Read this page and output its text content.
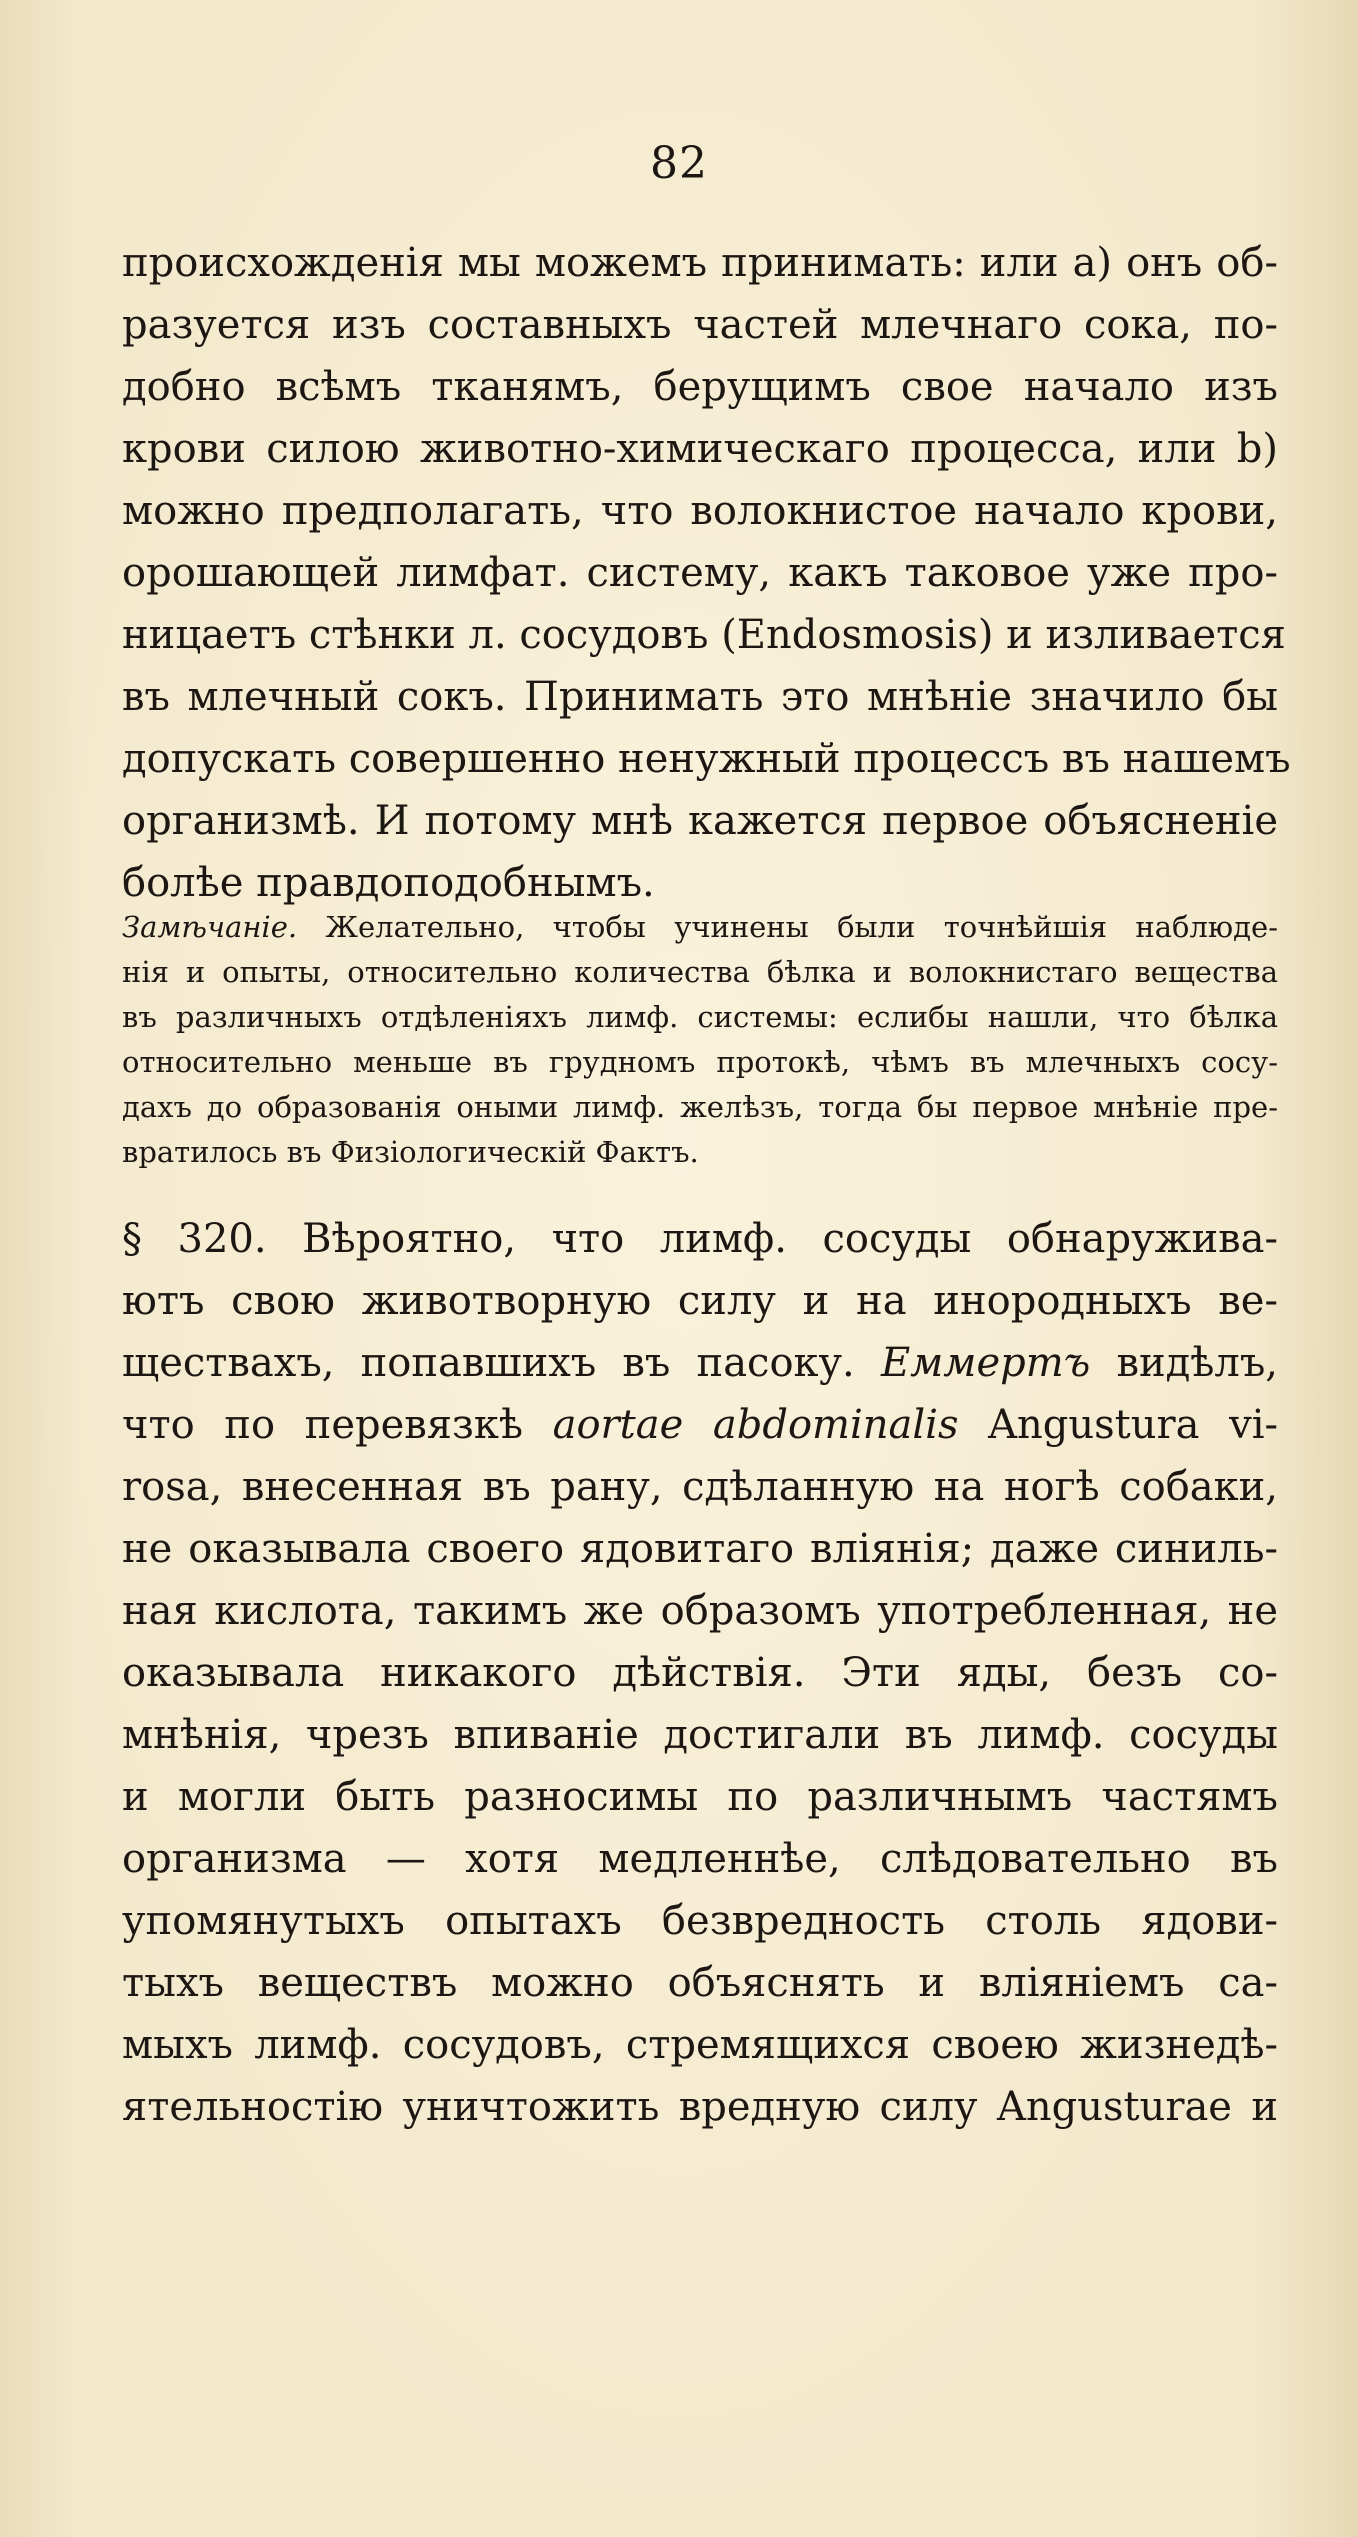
82
происхожденія мы можемъ принимать: или а) онъ об-
разуется изъ составныхъ частей млечнаго сока, по-
добно всѣмъ тканямъ, берущимъ свое начало изъ
крови силою животно-химическаго процесса, или b)
можно предполагать, что волокнистое начало крови,
орошающей лимфат. систему, какъ таковое уже про-
ницаетъ стѣнки л. сосудовъ (Endosmosis) и изливается
въ млечный сокъ. Принимать это мнѣніе значило бы
допускать совершенно ненужный процессъ въ нашемъ
организмѣ. И потому мнѣ кажется первое объясненіе
болѣе правдоподобнымъ.
Замѣчаніе. Желательно, чтобы учинены были точнѣйшія наблюде-
нія и опыты, относительно количества бѣлка и волокнистаго вещества
въ различныхъ отдѣленіяхъ лимф. системы: еслибы нашли, что бѣлка
относительно меньше въ грудномъ протокѣ, чѣмъ въ млечныхъ сосу-
дахъ до образованія оными лимф. желѣзъ, тогда бы первое мнѣніе пре-
вратилось въ Физіологическій Фактъ.
§ 320. Вѣроятно, что лимф. сосуды обнаружива-
ютъ свою животворную силу и на инородныхъ ве-
ществахъ, попавшихъ въ пасоку. Еммертъ видѣлъ,
что по перевязкѣ aortae abdominalis Angustura vi-
rosa, внесенная въ рану, сдѣланную на ногѣ собаки,
не оказывала своего ядовитаго вліянія; даже синиль-
ная кислота, такимъ же образомъ употребленная, не
оказывала никакого дѣйствія. Эти яды, безъ со-
мнѣнія, чрезъ впиваніе достигали въ лимф. сосуды
и могли быть разносимы по различнымъ частямъ
организма — хотя медленнѣе, слѣдовательно въ
упомянутыхъ опытахъ безвредность столь ядови-
тыхъ веществъ можно объяснять и вліяніемъ са-
мыхъ лимф. сосудовъ, стремящихся своею жизнедѣ-
ятельностію уничтожить вредную силу Angusturae и
